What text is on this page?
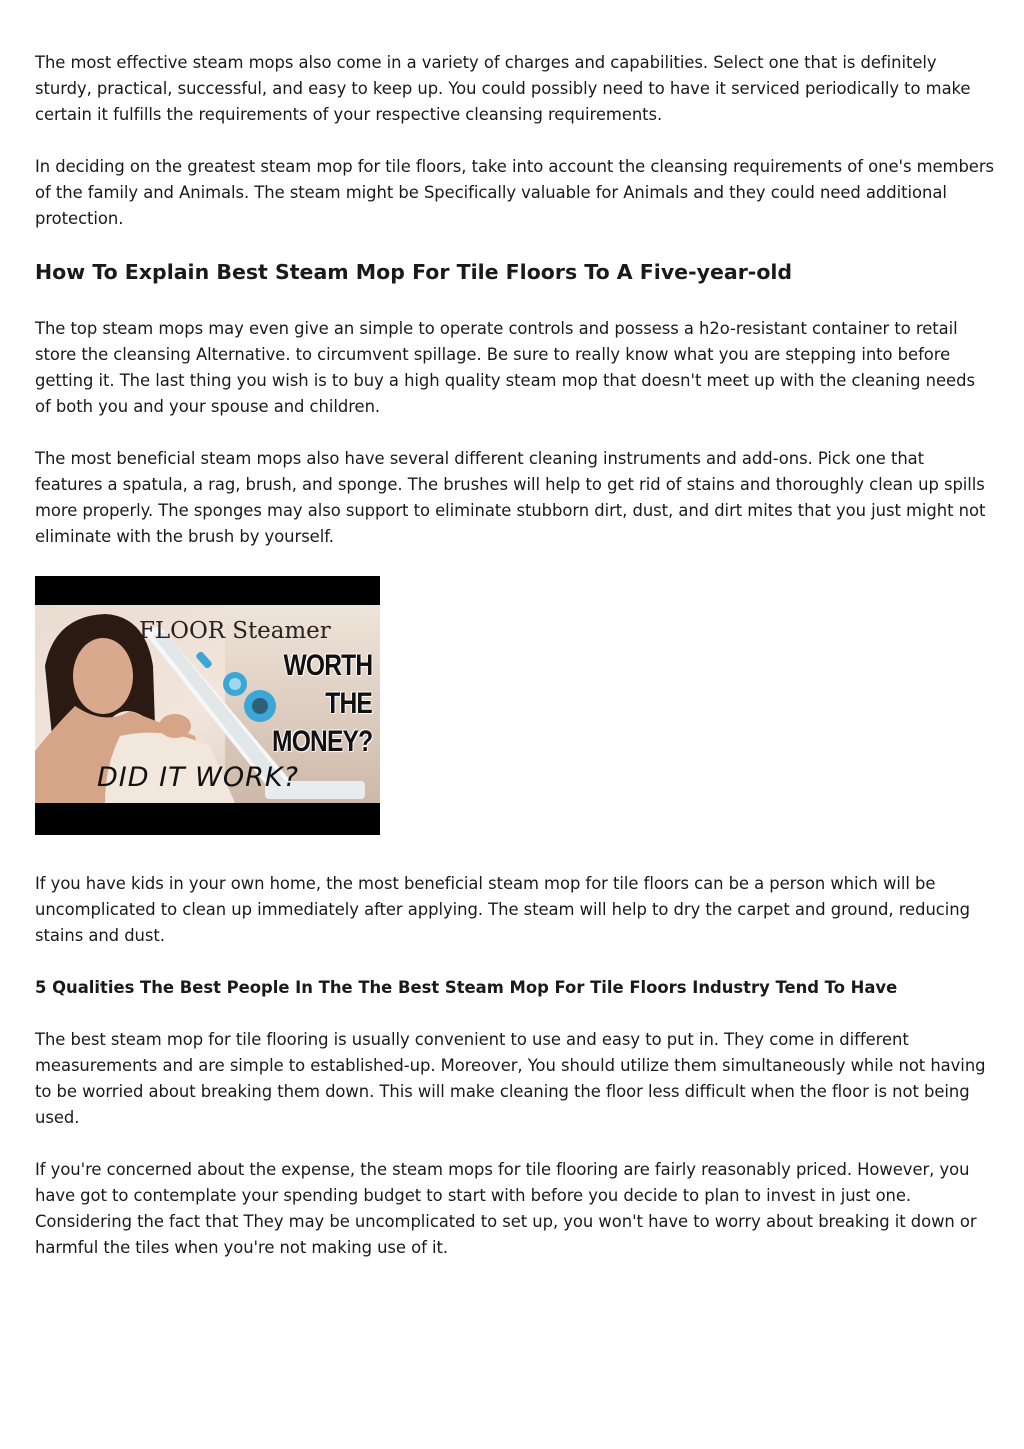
The most effective steam mops also come in a variety of charges and capabilities. Select one that is definitely sturdy, practical, successful, and easy to keep up. You could possibly need to have it serviced periodically to make certain it fulfills the requirements of your respective cleansing requirements.

In deciding on the greatest steam mop for tile floors, take into account the cleansing requirements of one's members of the family and Animals. The steam might be Specifically valuable for Animals and they could need additional protection.

How To Explain Best Steam Mop For Tile Floors To A Five-year-old

The top steam mops may even give an simple to operate controls and possess a h2o-resistant container to retail store the cleansing Alternative. to circumvent spillage. Be sure to really know what you are stepping into before getting it. The last thing you wish is to buy a high quality steam mop that doesn't meet up with the cleaning needs of both you and your spouse and children.

The most beneficial steam mops also have several different cleaning instruments and add-ons. Pick one that features a spatula, a rag, brush, and sponge. The brushes will help to get rid of stains and thoroughly clean up spills more properly. The sponges may also support to eliminate stubborn dirt, dust, and dirt mites that you just might not eliminate with the brush by yourself.

FLOOR Steamer

WORTH

THE

MONEY?

DID IT WORK?

If you have kids in your own home, the most beneficial steam mop for tile floors can be a person which will be uncomplicated to clean up immediately after applying. The steam will help to dry the carpet and ground, reducing stains and dust.

5 Qualities The Best People In The The Best Steam Mop For Tile Floors Industry Tend To Have

The best steam mop for tile flooring is usually convenient to use and easy to put in. They come in different measurements and are simple to established-up. Moreover, You should utilize them simultaneously while not having to be worried about breaking them down. This will make cleaning the floor less difficult when the floor is not being used.

If you're concerned about the expense, the steam mops for tile flooring are fairly reasonably priced. However, you have got to contemplate your spending budget to start with before you decide to plan to invest in just one. Considering the fact that They may be uncomplicated to set up, you won't have to worry about breaking it down or harmful the tiles when you're not making use of it.
